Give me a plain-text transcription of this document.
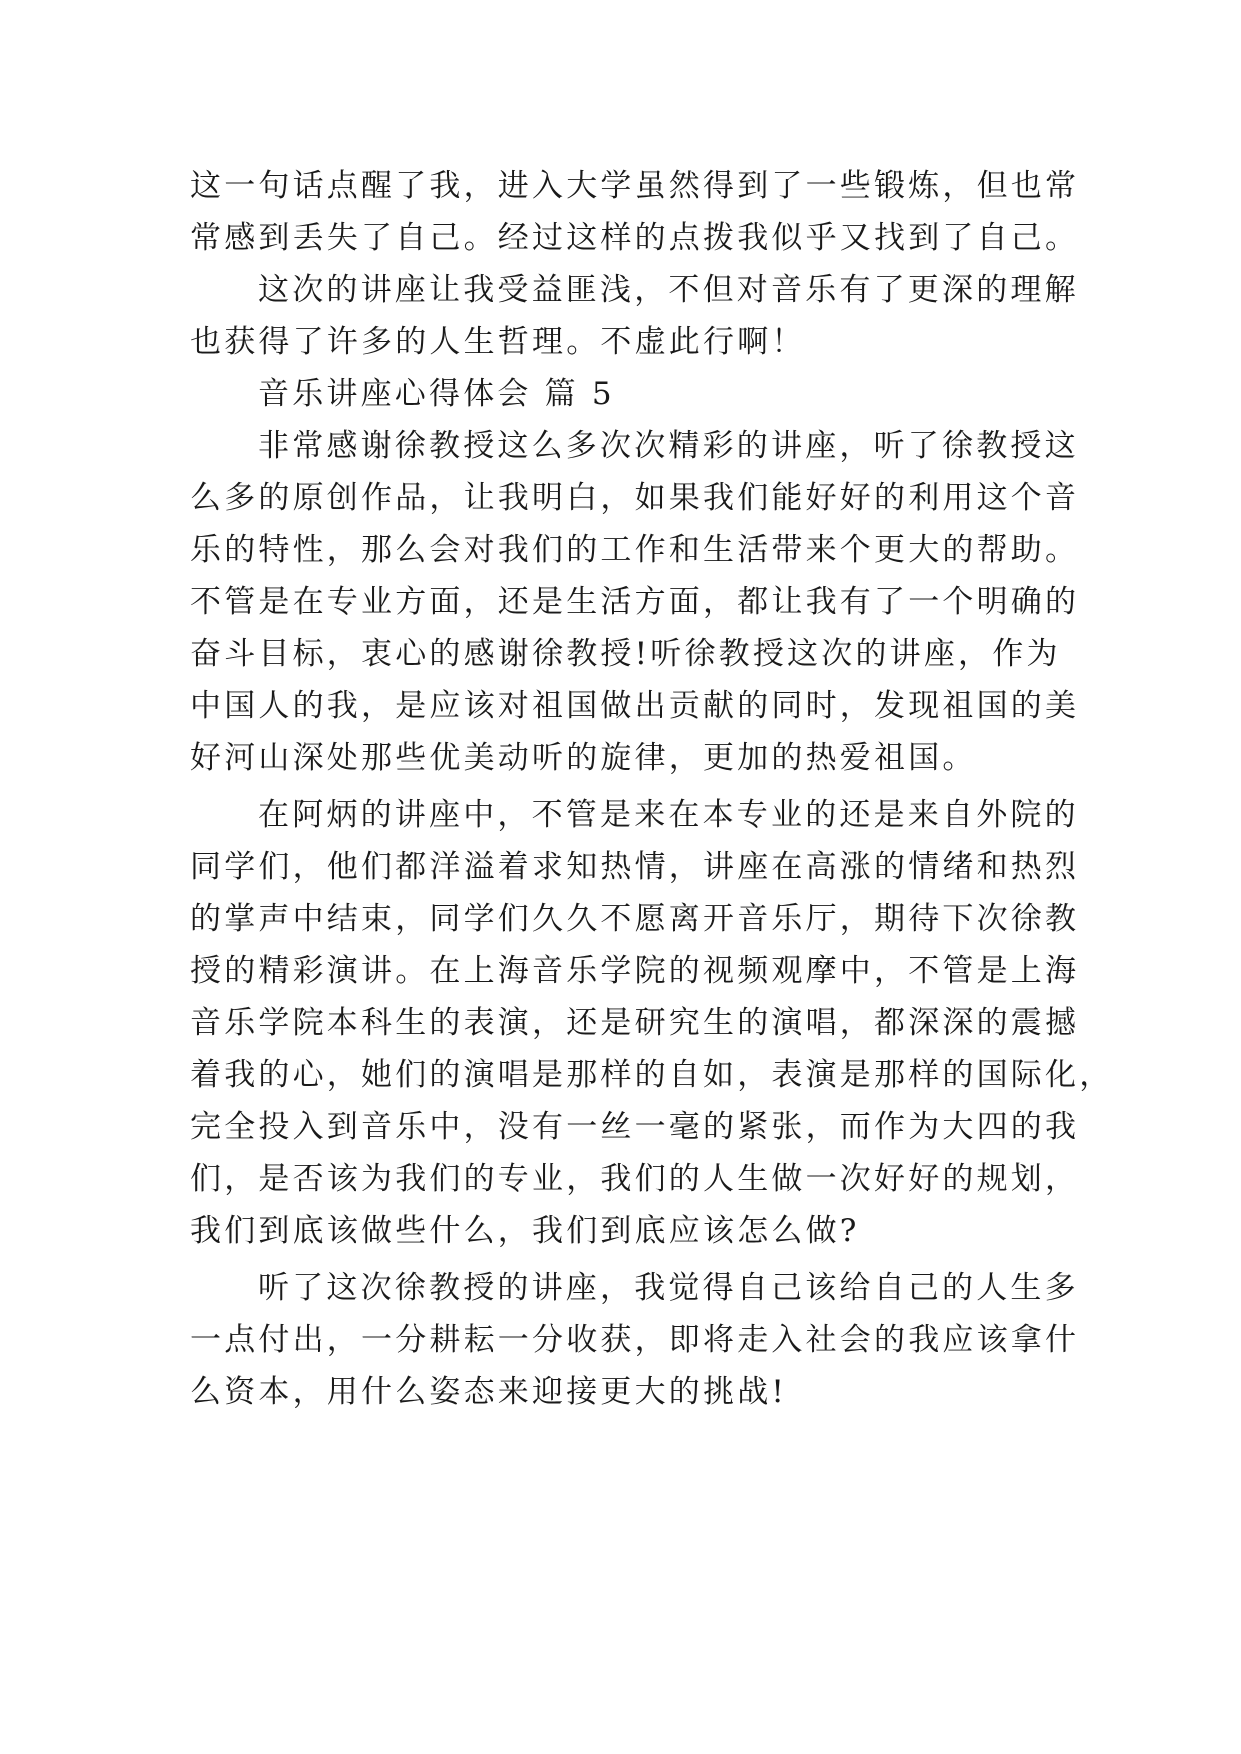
这一句话点醒了我，进入大学虽然得到了一些锻炼，但也常
常感到丢失了自己。经过这样的点拨我似乎又找到了自己。
这次的讲座让我受益匪浅，不但对音乐有了更深的理解
也获得了许多的人生哲理。不虚此行啊！
音乐讲座心得体会 篇 5
非常感谢徐教授这么多次次精彩的讲座，听了徐教授这
么多的原创作品，让我明白，如果我们能好好的利用这个音
乐的特性，那么会对我们的工作和生活带来个更大的帮助。
不管是在专业方面，还是生活方面，都让我有了一个明确的
奋斗目标，衷心的感谢徐教授!听徐教授这次的讲座，作为
中国人的我，是应该对祖国做出贡献的同时，发现祖国的美
好河山深处那些优美动听的旋律，更加的热爱祖国。
在阿炳的讲座中，不管是来在本专业的还是来自外院的
同学们，他们都洋溢着求知热情，讲座在高涨的情绪和热烈
的掌声中结束，同学们久久不愿离开音乐厅，期待下次徐教
授的精彩演讲。在上海音乐学院的视频观摩中，不管是上海
音乐学院本科生的表演，还是研究生的演唱，都深深的震撼
着我的心，她们的演唱是那样的自如，表演是那样的国际化，
完全投入到音乐中，没有一丝一毫的紧张，而作为大四的我
们，是否该为我们的专业，我们的人生做一次好好的规划，
我们到底该做些什么，我们到底应该怎么做?
听了这次徐教授的讲座，我觉得自己该给自己的人生多
一点付出，一分耕耘一分收获，即将走入社会的我应该拿什
么资本，用什么姿态来迎接更大的挑战!
